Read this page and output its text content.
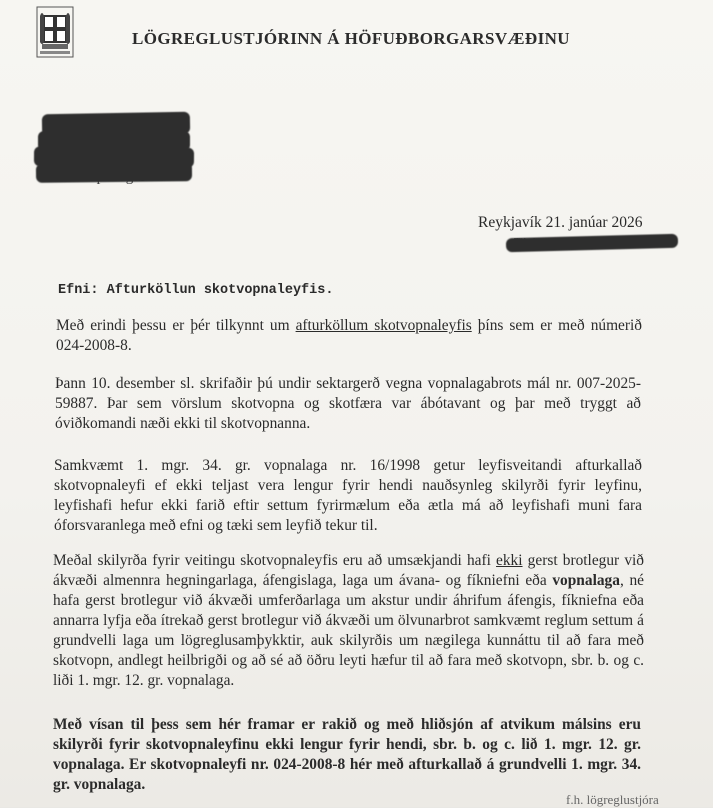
LÖGREGLUSTJÓRINN Á HÖFUÐBORGARSVÆÐINU
Reykjavík 21. janúar 2026
Efni: Afturköllun skotvopnaleyfis.
Með erindi þessu er þér tilkynnt um afturköllum skotvopnaleyfis þíns sem er með númerið 024-2008-8.
Þann 10. desember sl. skrifaðir þú undir sektargerð vegna vopnalagabrots mál nr. 007-2025-59887. Þar sem vörslum skotvopna og skotfæra var ábótavant og þar með tryggt að óviðkomandi næði ekki til skotvopnanna.
Samkvæmt 1. mgr. 34. gr. vopnalaga nr. 16/1998 getur leyfisveitandi afturkallað skotvopnaleyfi ef ekki teljast vera lengur fyrir hendi nauðsynleg skilyrði fyrir leyfinu, leyfishafi hefur ekki farið eftir settum fyrirmælum eða ætla má að leyfishafi muni fara óforsvaranlega með efni og tæki sem leyfið tekur til.
Meðal skilyrða fyrir veitingu skotvopnaleyfis eru að umsækjandi hafi ekki gerst brotlegur við ákvæði almennra hegningarlaga, áfengislaga, laga um ávana- og fíkniefni eða vopnalaga, né hafa gerst brotlegur við ákvæði umferðarlaga um akstur undir áhrifum áfengis, fíkniefna eða annarra lyfja eða ítrekað gerst brotlegur við ákvæði um ölvunarbrot samkvæmt reglum settum á grundvelli laga um lögreglusamþykktir, auk skilyrðis um nægilega kunnáttu til að fara með skotvopn, andlegt heilbrigði og að sé að öðru leyti hæfur til að fara með skotvopn, sbr. b. og c. liði 1. mgr. 12. gr. vopnalaga.
Með vísan til þess sem hér framar er rakið og með hliðsjón af atvikum málsins eru skilyrði fyrir skotvopnaleyfinu ekki lengur fyrir hendi, sbr. b. og c. lið 1. mgr. 12. gr. vopnalaga. Er skotvopnaleyfi nr. 024-2008-8 hér með afturkallað á grundvelli 1. mgr. 34. gr. vopnalaga.
f.h. lögreglustjóra
